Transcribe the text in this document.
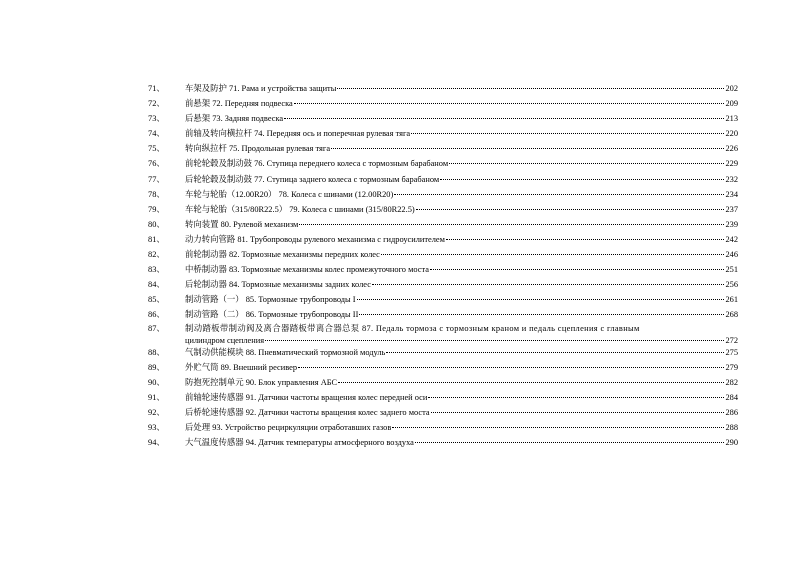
71、	车架及防护 71. Рама и устройства защиты	202
72、	前悬架 72. Передняя подвеска	209
73、	后悬架 73. Задняя подвеска	213
74、	前轴及转向横拉杆 74. Передняя ось и поперечная рулевая тяга	220
75、	转向纵拉杆 75. Продольная рулевая тяга	226
76、	前轮轮毂及制动鼓 76. Ступица переднего колеса с тормозным барабаном	229
77、	后轮轮毂及制动鼓 77. Ступица заднего колеса с тормозным барабаном	232
78、	车轮与轮胎（12.00R20） 78. Колеса с шинами (12.00R20)	234
79、	车轮与轮胎（315/80R22.5） 79. Колеса с шинами (315/80R22.5)	237
80、	转向装置 80. Рулевой механизм	239
81、	动力转向管路 81. Трубопроводы рулевого механизма с гидроусилителем	242
82、	前轮制动器 82. Тормозные механизмы передних колес	246
83、	中桥制动器 83. Тормозные механизмы колес промежуточного моста	251
84、	后轮制动器 84. Тормозные механизмы задних колес	256
85、	制动管路（一） 85. Тормозные трубопроводы I	261
86、	制动管路（二） 86. Тормозные трубопроводы II	268
87、	制动踏板带制动阀及离合器踏板带离合器总泵 87. Педаль тормоза с тормозным краном и педаль сцепления с главным
цилиндром сцепления	272
88、	气制动供能模块 88. Пневматический тормозной модуль	275
89、	外贮气筒 89. Внешний ресивер	279
90、	防抱死控制单元 90. Блок управления АБС	282
91、	前轴轮速传感器 91. Датчики частоты вращения колес передней оси	284
92、	后桥轮速传感器 92. Датчики частоты вращения колес заднего моста	286
93、	后处理 93. Устройство рециркуляции отработавших газов	288
94、	大气温度传感器 94. Датчик температуры атмосферного воздуха	290
